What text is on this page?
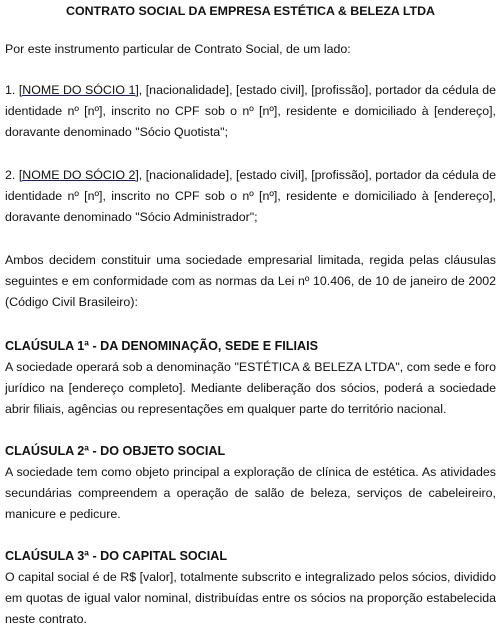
CONTRATO SOCIAL DA EMPRESA ESTÉTICA & BELEZA LTDA

Por este instrumento particular de Contrato Social, de um lado:

1. [NOME DO SÓCIO 1], [nacionalidade], [estado civil], [profissão], portador da cédula de identidade nº [nº], inscrito no CPF sob o nº [nº], residente e domiciliado à [endereço], doravante denominado "Sócio Quotista";

2. [NOME DO SÓCIO 2], [nacionalidade], [estado civil], [profissão], portador da cédula de identidade nº [nº], inscrito no CPF sob o nº [nº], residente e domiciliado à [endereço], doravante denominado "Sócio Administrador";

Ambos decidem constituir uma sociedade empresarial limitada, regida pelas cláusulas seguintes e em conformidade com as normas da Lei nº 10.406, de 10 de janeiro de 2002 (Código Civil Brasileiro):

CLAÚSULA 1ª - DA DENOMINAÇÃO, SEDE E FILIAIS

A sociedade operará sob a denominação "ESTÉTICA & BELEZA LTDA", com sede e foro jurídico na [endereço completo]. Mediante deliberação dos sócios, poderá a sociedade abrir filiais, agências ou representações em qualquer parte do território nacional.

CLAÚSULA 2ª - DO OBJETO SOCIAL

A sociedade tem como objeto principal a exploração de clínica de estética. As atividades secundárias compreendem a operação de salão de beleza, serviços de cabeleireiro, manicure e pedicure.

CLAÚSULA 3ª - DO CAPITAL SOCIAL

O capital social é de R$ [valor], totalmente subscrito e integralizado pelos sócios, dividido em quotas de igual valor nominal, distribuídas entre os sócios na proporção estabelecida neste contrato.
